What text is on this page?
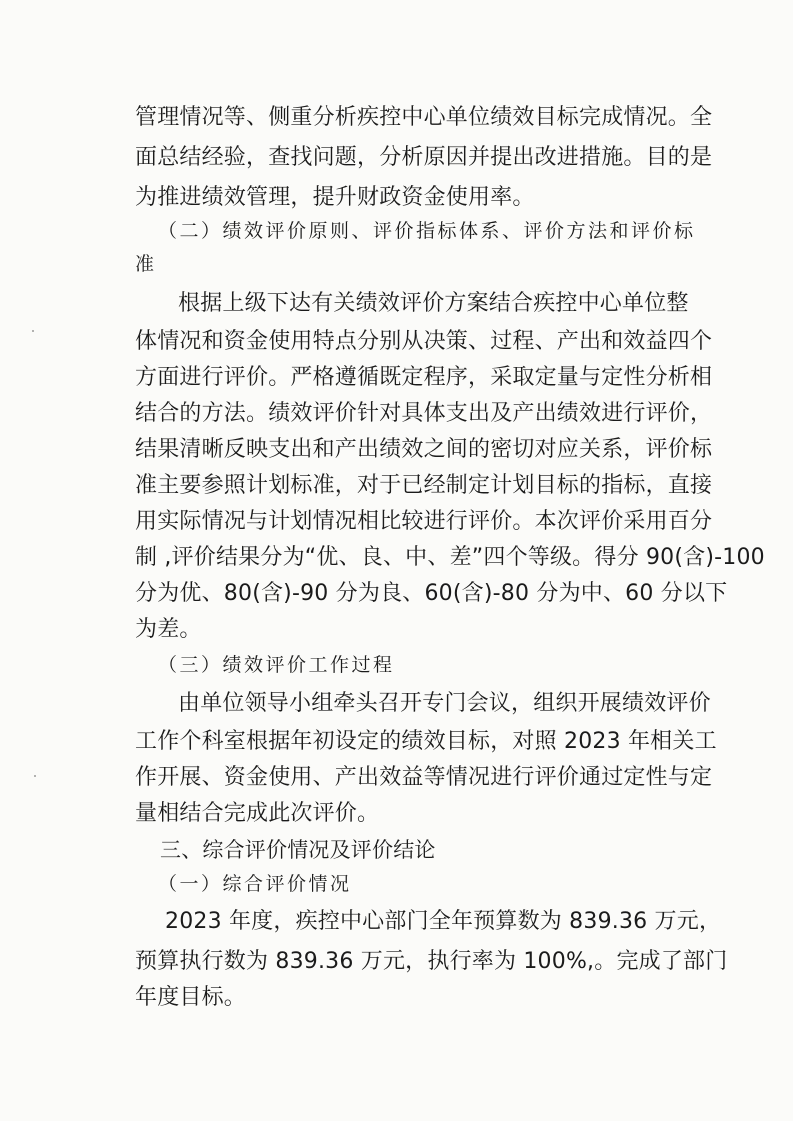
管理情况等、侧重分析疾控中心单位绩效目标完成情况。全
面总结经验，查找问题，分析原因并提出改进措施。目的是
为推进绩效管理，提升财政资金使用率。
（二）绩效评价原则、评价指标体系、评价方法和评价标
准
根据上级下达有关绩效评价方案结合疾控中心单位整
体情况和资金使用特点分别从决策、过程、产出和效益四个
方面进行评价。严格遵循既定程序，采取定量与定性分析相
结合的方法。绩效评价针对具体支出及产出绩效进行评价，
结果清晰反映支出和产出绩效之间的密切对应关系，评价标
准主要参照计划标准，对于已经制定计划目标的指标，直接
用实际情况与计划情况相比较进行评价。本次评价采用百分
制 ,评价结果分为“优、良、中、差”四个等级。得分 90(含)-100
分为优、80(含)-90 分为良、60(含)-80 分为中、60 分以下
为差。
（三）绩效评价工作过程
由单位领导小组牵头召开专门会议，组织开展绩效评价
工作个科室根据年初设定的绩效目标，对照 2023 年相关工
作开展、资金使用、产出效益等情况进行评价通过定性与定
量相结合完成此次评价。
三、综合评价情况及评价结论
（一）综合评价情况
2023 年度，疾控中心部门全年预算数为 839.36 万元，
预算执行数为 839.36 万元，执行率为 100%,。完成了部门
年度目标。
